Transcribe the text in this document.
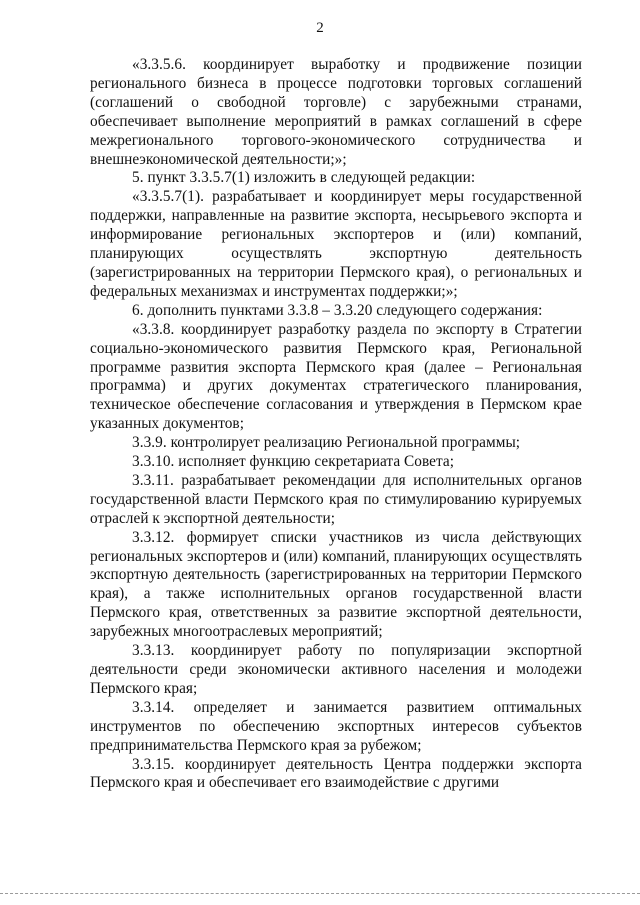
2

«3.3.5.6. координирует выработку и продвижение позиции регионального бизнеса в процессе подготовки торговых соглашений (соглашений о свободной торговле) с зарубежными странами, обеспечивает выполнение мероприятий в рамках соглашений в сфере межрегионального торгового-экономического сотрудничества и внешнеэкономической деятельности;»;

5. пункт 3.3.5.7(1) изложить в следующей редакции:

«3.3.5.7(1). разрабатывает и координирует меры государственной поддержки, направленные на развитие экспорта, несырьевого экспорта и информирование региональных экспортеров и (или) компаний, планирующих осуществлять экспортную деятельность (зарегистрированных на территории Пермского края), о региональных и федеральных механизмах и инструментах поддержки;»;

6. дополнить пунктами 3.3.8 – 3.3.20 следующего содержания:

«3.3.8. координирует разработку раздела по экспорту в Стратегии социально-экономического развития Пермского края, Региональной программе развития экспорта Пермского края (далее – Региональная программа) и других документах стратегического планирования, техническое обеспечение согласования и утверждения в Пермском крае указанных документов;

3.3.9. контролирует реализацию Региональной программы;

3.3.10. исполняет функцию секретариата Совета;

3.3.11. разрабатывает рекомендации для исполнительных органов государственной власти Пермского края по стимулированию курируемых отраслей к экспортной деятельности;

3.3.12. формирует списки участников из числа действующих региональных экспортеров и (или) компаний, планирующих осуществлять экспортную деятельность (зарегистрированных на территории Пермского края), а также исполнительных органов государственной власти Пермского края, ответственных за развитие экспортной деятельности, зарубежных многоотраслевых мероприятий;

3.3.13. координирует работу по популяризации экспортной деятельности среди экономически активного населения и молодежи Пермского края;

3.3.14. определяет и занимается развитием оптимальных инструментов по обеспечению экспортных интересов субъектов предпринимательства Пермского края за рубежом;

3.3.15. координирует деятельность Центра поддержки экспорта Пермского края и обеспечивает его взаимодействие с другими
